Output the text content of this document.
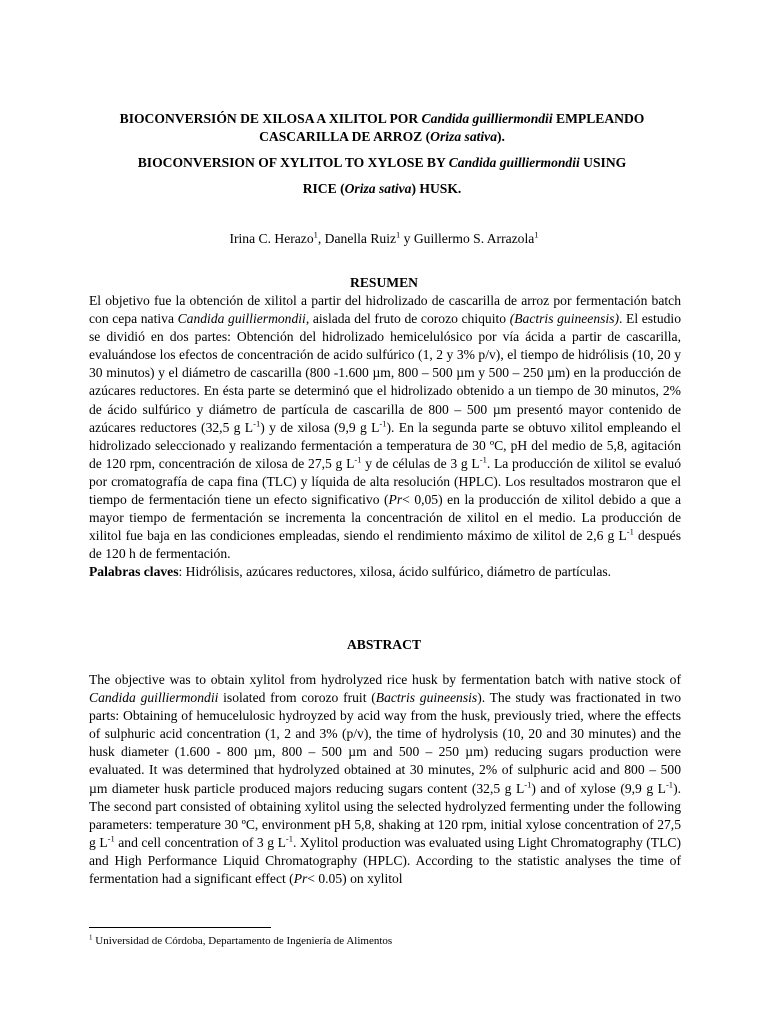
BIOCONVERSIÓN DE XILOSA A XILITOL POR Candida guilliermondii EMPLEANDO CASCARILLA DE ARROZ (Oriza sativa).
BIOCONVERSION OF XYLITOL TO XYLOSE BY Candida guilliermondii USING
RICE (Oriza sativa) HUSK.
Irina C. Herazo$^1$, Danella Ruiz$^1$ y Guillermo S. Arrazola$^1$
RESUMEN

El objetivo fue la obtención de xilitol a partir del hidrolizado de cascarilla de arroz por fermentación batch con cepa nativa Candida guilliermondii, aislada del fruto de corozo chiquito (Bactris guineensis). El estudio se dividió en dos partes: Obtención del hidrolizado hemicelulósico por vía ácida a partir de cascarilla, evaluándose los efectos de concentración de acido sulfúrico (1, 2 y 3% p/v), el tiempo de hidrólisis (10, 20 y 30 minutos) y el diámetro de cascarilla (800 -1.600 µm, 800 – 500 µm y 500 – 250 µm) en la producción de azúcares reductores. En ésta parte se determinó que el hidrolizado obtenido a un tiempo de 30 minutos, 2% de ácido sulfúrico y diámetro de partícula de cascarilla de 800 – 500 µm presentó mayor contenido de azúcares reductores (32,5 g $L^{-1}$) y de xilosa (9,9 g $L^{-1}$). En la segunda parte se obtuvo xilitol empleando el hidrolizado seleccionado y realizando fermentación a temperatura de 30 ºC, pH del medio de 5,8, agitación de 120 rpm, concentración de xilosa de 27,5 g $L^{-1}$ y de células de 3 g $L^{-1}$. La producción de xilitol se evaluó por cromatografía de capa fina (TLC) y líquida de alta resolución (HPLC). Los resultados mostraron que el tiempo de fermentación tiene un efecto significativo (Pr< 0,05) en la producción de xilitol debido a que a mayor tiempo de fermentación se incrementa la concentración de xilitol en el medio. La producción de xilitol fue baja en las condiciones empleadas, siendo el rendimiento máximo de xilitol de 2,6 g $L^{-1}$ después de 120 h de fermentación.

Palabras claves: Hidrólisis, azúcares reductores, xilosa, ácido sulfúrico, diámetro de partículas.

ABSTRACT

The objective was to obtain xylitol from hydrolyzed rice husk by fermentation batch with native stock of Candida guilliermondii isolated from corozo fruit (Bactris guineensis). The study was fractionated in two parts: Obtaining of hemucelulosic hydroyzed by acid way from the husk, previously tried, where the effects of sulphuric acid concentration (1, 2 and 3% (p/v), the time of hydrolysis (10, 20 and 30 minutes) and the husk diameter (1.600 - 800 µm, 800 – 500 µm and 500 – 250 µm) reducing sugars production were evaluated. It was determined that hydrolyzed obtained at 30 minutes, 2% of sulphuric acid and 800 – 500 µm diameter husk particle produced majors reducing sugars content (32,5 g $L^{-1}$) and of xylose (9,9 g $L^{-1}$). The second part consisted of obtaining xylitol using the selected hydrolyzed fermenting under the following parameters: temperature 30 ºC, environment pH 5,8, shaking at 120 rpm, initial xylose concentration of 27,5 g $L^{-1}$ and cell concentration of 3 g $L^{-1}$. Xylitol production was evaluated using Light Chromatography (TLC) and High Performance Liquid Chromatography (HPLC). According to the statistic analyses the time of fermentation had a significant effect (Pr< 0.05) on xylitol

$^1$ Universidad de Córdoba, Departamento de Ingeniería de Alimentos
